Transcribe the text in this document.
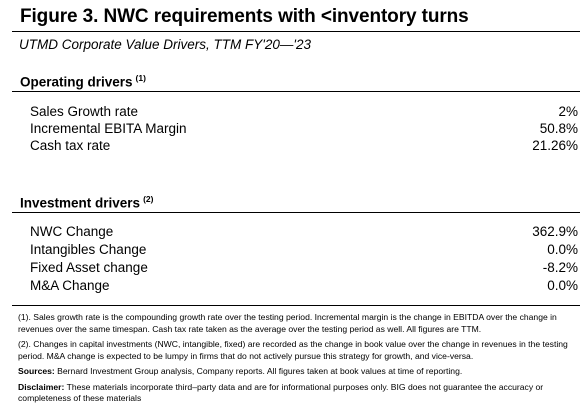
Figure 3. NWC requirements with <inventory turns
UTMD Corporate Value Drivers, TTM FY'20—'23
Operating drivers $^{(1)}$
Sales Growth rate	2%
Incremental EBITA Margin	50.8%
Cash tax rate	21.26%
Investment drivers $^{(2)}$
NWC Change	362.9%
Intangibles Change	0.0%
Fixed Asset change	-8.2%
M&A Change	0.0%

(1). Sales growth rate is the compounding growth rate over the testing period. Incremental margin is the change in EBITDA over the change in revenues over the same timespan. Cash tax rate taken as the average over the testing period as well. All figures are TTM.

(2). Changes in capital investments (NWC, intangible, fixed) are recorded as the change in book value over the change in revenues in the testing period. M&A change is expected to be lumpy in firms that do not actively pursue this strategy for growth, and vice-versa.

Sources: Bernard Investment Group analysis, Company reports. All figures taken at book values at time of reporting.

Disclaimer: These materials incorporate third–party data and are for informational purposes only. BIG does not guarantee the accuracy or completeness of these materials
